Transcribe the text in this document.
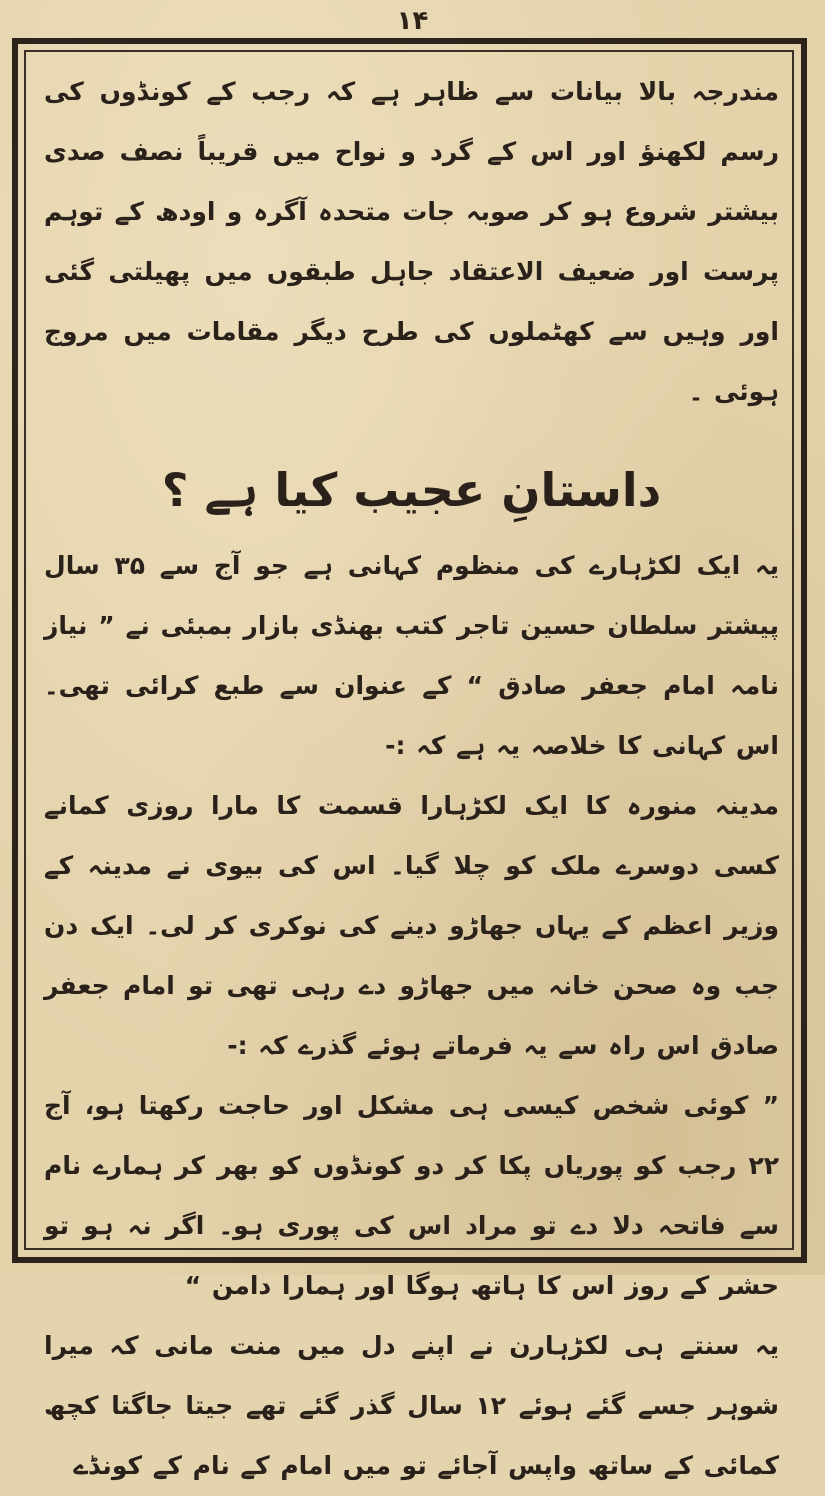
۱۴

مندرجہ بالا بیانات سے ظاہر ہے کہ رجب کے کونڈوں کی رسم لکھنؤ اور اس کے گرد و نواح میں قریباً نصف صدی بیشتر شروع ہو کر صوبہ جات متحدہ آگرہ و اودھ کے توہم پرست اور ضعیف الاعتقاد جاہل طبقوں میں پھیلتی گئی اور وہیں سے کھٹملوں کی طرح دیگر مقامات میں مروج ہوئی ۔

داستانِ عجیب کیا ہے ؟

یہ ایک لکڑہارے کی منظوم کہانی ہے جو آج سے ۳۵ سال پیشتر سلطان حسین تاجر کتب بھنڈی بازار بمبئی نے ” نیاز نامہ امام جعفر صادق “ کے عنوان سے طبع کرائی تھی۔ اس کہانی کا خلاصہ یہ ہے کہ :-

مدینہ منورہ کا ایک لکڑہارا قسمت کا مارا روزی کمانے کسی دوسرے ملک کو چلا گیا۔ اس کی بیوی نے مدینہ کے وزیر اعظم کے یہاں جھاڑو دینے کی نوکری کر لی۔ ایک دن جب وہ صحن خانہ میں جھاڑو دے رہی تھی تو امام جعفر صادق اس راہ سے یہ فرماتے ہوئے گذرے کہ :-

” کوئی شخص کیسی ہی مشکل اور حاجت رکھتا ہو، آج ۲۲ رجب کو پوریاں پکا کر دو کونڈوں کو بھر کر ہمارے نام سے فاتحہ دلا دے تو مراد اس کی پوری ہو۔ اگر نہ ہو تو حشر کے روز اس کا ہاتھ ہوگا اور ہمارا دامن “

یہ سنتے ہی لکڑہارن نے اپنے دل میں منت مانی کہ میرا شوہر جسے گئے ہوئے ۱۲ سال گذر گئے تھے جیتا جاگتا کچھ کمائی کے ساتھ واپس آجائے تو میں امام کے نام کے کونڈے
